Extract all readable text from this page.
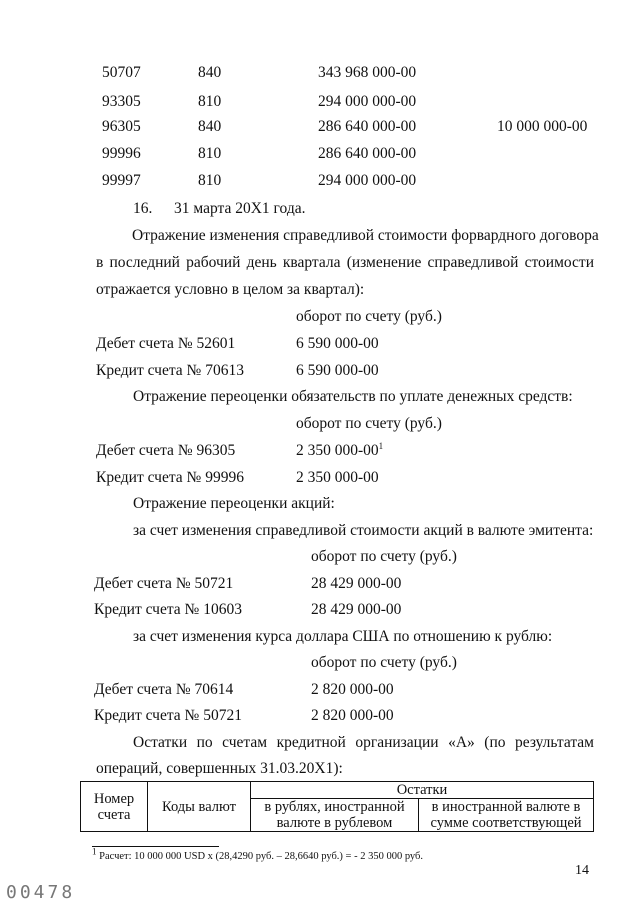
50707	840	343 968 000-00
93305	810	294 000 000-00
96305	840	286 640 000-00	10 000 000-00
99996	810	286 640 000-00
99997	810	294 000 000-00
16. 31 марта 20Х1 года.
Отражение изменения справедливой стоимости форвардного договора
в последний рабочий день квартала (изменение справедливой стоимости
отражается условно в целом за квартал):
оборот по счету (руб.)
Дебет счета № 52601	6 590 000-00
Кредит счета № 70613	6 590 000-00
Отражение переоценки обязательств по уплате денежных средств:
оборот по счету (руб.)
Дебет счета № 96305	2 350 $000-00^1$
Кредит счета № 99996	2 350 000-00
Отражение переоценки акций:
за счет изменения справедливой стоимости акций в валюте эмитента:
оборот по счету (руб.)
Дебет счета № 50721	28 429 000-00
Кредит счета № 10603	28 429 000-00
за счет изменения курса доллара США по отношению к рублю:
оборот по счету (руб.)
Дебет счета № 70614	2 820 000-00
Кредит счета № 50721	2 820 000-00
Остатки по счетам кредитной организации «А» (по результатам
операций, совершенных 31.03.20Х1):
Номер счета	Коды валют	Остатки	
		в рублях, иностранной валюте в рублевом	в иностранной валюте в сумме соответствующей
$^1$ Расчет: 10 000 000 USD х (28,4290 руб. – 28,6640 руб.) = - 2 350 000 руб.
14
00478
